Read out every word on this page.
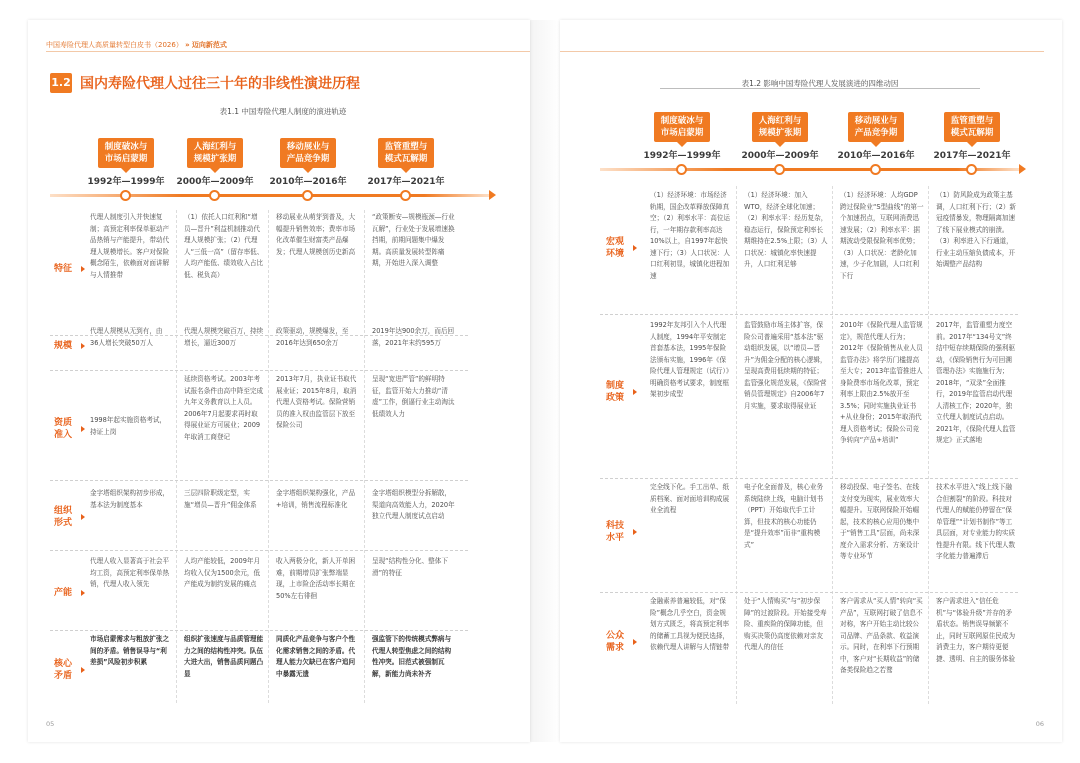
中国寿险代理人高质量转型白皮书（2026） » 迈向新范式
1.2 国内寿险代理人过往三十年的非线性演进历程
表1.1 中国寿险代理人制度的演进轨迹
制度破冰与
市场启蒙期
人海红利与
规模扩张期
移动展业与
产品竞争期
监管重塑与
模式瓦解期
1992年—1999年 2000年—2009年 2010年—2016年 2017年—2021年
特征
代理人制度引入并快速复制；高预定利率保单驱动产品热销与产能提升，带动代理人规模增长。客户对保险概念陌生，依赖面对面讲解与人情推带
（1）依托人口红利和“增员—晋升”利益机制推动代理人规模扩张；（2）代理人“三低一高”（留存率低、人均产能低、绩效收入占比低、税负高）
移动展业从萌芽到普及，大幅提升销售效率；费率市场化改革催生财富类产品爆发；代理人规模创历史新高
“政策断安—规模瓶颈—行业瓦解”，行业处于发展增速换挡期，前期问题集中爆发期。高质量发展转型阵痛期，开始进入深入调整
规模
代理人规模从无到有，由36人增长突破50万人
代理人规模突破百万，持续增长，逼近300万
政策驱动，规模爆发，至2016年达到650余万
2019年达900余万，而后回落，2021年末约595万
资质
准入
1998年起实施资格考试，持证上岗
延续资格考试。2003年考试报名条件由高中降至完成九年义务教育以上人员。2006年7月起要求再时取得展业证方可展业；2009年取消工商登记
2013年7月，执业证书取代展业证；2015年8月，取消代理人资格考试。保险营销员的准入权由监管层下放至保险公司
呈现“宽进严管”的鲜明特征，监管开始大力推动“清虚”工作，倒逼行业主动淘汰低绩效人力
组织
形式
金字塔组织架构初步形成，基本法为制度基本
三层四阶职级定型，实施“增员—晋升”佣金体系
金字塔组织架构强化，产品+培训，销售流程标准化
金字塔组织模型分拆解散，渠道向高效能人力，2020年独立代理人制度试点启动
产能
代理人收入显著高于社会平均工资，高预定利率保单热销，代理人收入领先
人均产能较低，2009年月均收入仅为1500余元，低产能成为制约发展的痛点
收入两极分化，新人开单困难，前期增员扩张弊端显现，上市险企活动率长期在50%左右徘徊
呈现“结构性分化、整体下滑”的特征
核心
矛盾
市场启蒙需求与粗放扩张之间的矛盾。销售误导与“利差损”风险初步积累
组织扩张速度与品质管理能力之间的结构性冲突。队伍大进大出，销售品质问题凸显
同质化产品竞争与客户个性化需求销售之间的矛盾。代理人能力欠缺已在客户追问中暴露无遗
强监管下的传统模式弊病与代理人转型焦虑之间的结构性冲突。旧范式被强制瓦解，新能力尚未补齐
05
表1.2 影响中国寿险代理人发展演进的四维动因
制度破冰与
市场启蒙期
人海红利与
规模扩张期
移动展业与
产品竞争期
监管重塑与
模式瓦解期
1992年—1999年 2000年—2009年 2010年—2016年 2017年—2021年
宏观
环境
（1）经济环境：市场经济轨期，国企改革释放保障真空；（2）利率水平：高位运行，一年期存款利率高达10%以上，自1997年起快速下行；（3）人口状况：人口红利初显，城镇化进程加速
（1）经济环境：加入WTO，经济全球化加速；（2）利率水平：经历复杂，稳态运行，保险预定利率长期维持在2.5%上限；（3）人口状况：城镇化率快速提升，人口红利足够
（1）经济环境：人均GDP跨过保险业“S型曲线”的第一个加速拐点，互联网消费迅速发展；（2）利率水平：据期波动受限保险利率优势；（3）人口状况：老龄化加速，少子化加剧，人口红利下行
（1）防风险成为政策主基调，人口红利下行；（2）新冠疫情暴发，物理隔离加速了线下展业模式的崩溃。（3）利率进入下行通道，行业主动压缩负债成本，开始调整产品结构
制度
政策
1992年友邦引入个人代理人制度，1994年平安制定首套基本法，1995年保险法颁布实施，1996年《保险代理人管理规定（试行）》明确资格考试要求，制度框架初步成型
监管鼓励市场主体扩容，保险公司普遍采用“基本法”驱动组织发展，以“增员—晋升”为佣金分配的核心逻辑，呈现高费用低续期的特征；监管强化规范发展，《保险营销员管理规定》自2006年7月实施，要求取得展业证
2010年《保险代理人监管规定》，规范代理人行为；2012年《保险销售从业人员监管办法》将学历门槛提高至大专；2013年监管推进人身险费率市场化改革，预定利率上限由2.5%放开至3.5%；同时实施执业证书+从业身份；2015年取消代理人资格考试；保险公司竞争转向“产品+培训”
2017年，监管重塑力度空前。2017年“134号文”终结中短存续期保险的强利驱动，《保险销售行为可回溯管理办法》实施施行为；2018年，“双录”全面推行，2019年监管启动代理人清核工作；2020年，独立代理人制度试点启动。2021年，《保险代理人监管规定》正式落地
科技
水平
完全线下化。手工出单、纸质档案、面对面培训构成展业全流程
电子化全面普及，核心业务系统陆续上线，电脑计划书（PPT）开始取代手工计算，但技术的核心功能仍是“提升效率”而非“重构模式”
移动投保、电子签名、在线支付变为现实，展业效率大幅提升。互联网保险开始崛起，技术的核心应用仍集中于“销售工具”层面，尚未深度介入需求分析、方案设计等专业环节
技术水平进入“线上线下融合但割裂”的阶段。科技对代理人的赋能仍停留在“保单管理”“计划书制作”等工具层面，对专业能力的实质性提升有限。线下代理人数字化能力普遍滞后
公众
需求
金融素养普遍较低，对“保险”概念几乎空白，资金规划方式匮乏，将高预定利率的储蓄工具视为便民选择，依赖代理人讲解与人情链带
处于“人情购买”与“初步保障”的过渡阶段。开始接受寿险、重疾险的保障功能，但购买决策仍高度依赖对亲友代理人的信任
客户需求从“买人情”转向“买产品”，互联网打破了信息不对称，客户开始主动比较公司品牌、产品条款、收益演示。同时，在利率下行预期中，客户对“长期收益”的储备类保险趋之若鹜
客户需求进入“信任危机”与“体验升级”并存的矛盾状态。销售误导频繁不止，同时互联网原住民成为消费主力，客户期待更便捷、透明、自主的服务体验
06
